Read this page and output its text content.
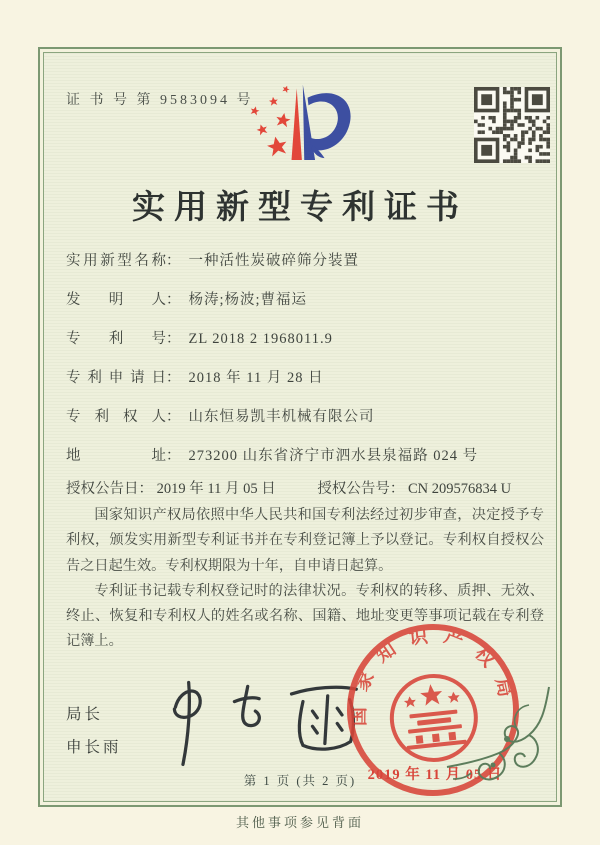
证 书 号 第 9583094 号
实用新型专利证书
实用新型名称： 一种活性炭破碎筛分装置
发明人： 杨涛;杨波;曹福运
专利号： ZL 2018 2 1968011.9
专利申请日： 2018 年 11 月 28 日
专利权人： 山东恒易凯丰机械有限公司
地址： 273200 山东省济宁市泗水县泉福路 024 号
授权公告日： 2019 年 11 月 05 日	授权公告号： CN 209576834 U

国家知识产权局依照中华人民共和国专利法经过初步审查，决定授予专利权，颁发实用新型专利证书并在专利登记簿上予以登记。专利权自授权公告之日起生效。专利权期限为十年，自申请日起算。

专利证书记载专利权登记时的法律状况。专利权的转移、质押、无效、终止、恢复和专利权人的姓名或名称、国籍、地址变更等事项记载在专利登记簿上。

局长
申长雨
国家知识产权局
2019 年 11 月 05 日
第 1 页 (共 2 页)
其他事项参见背面
